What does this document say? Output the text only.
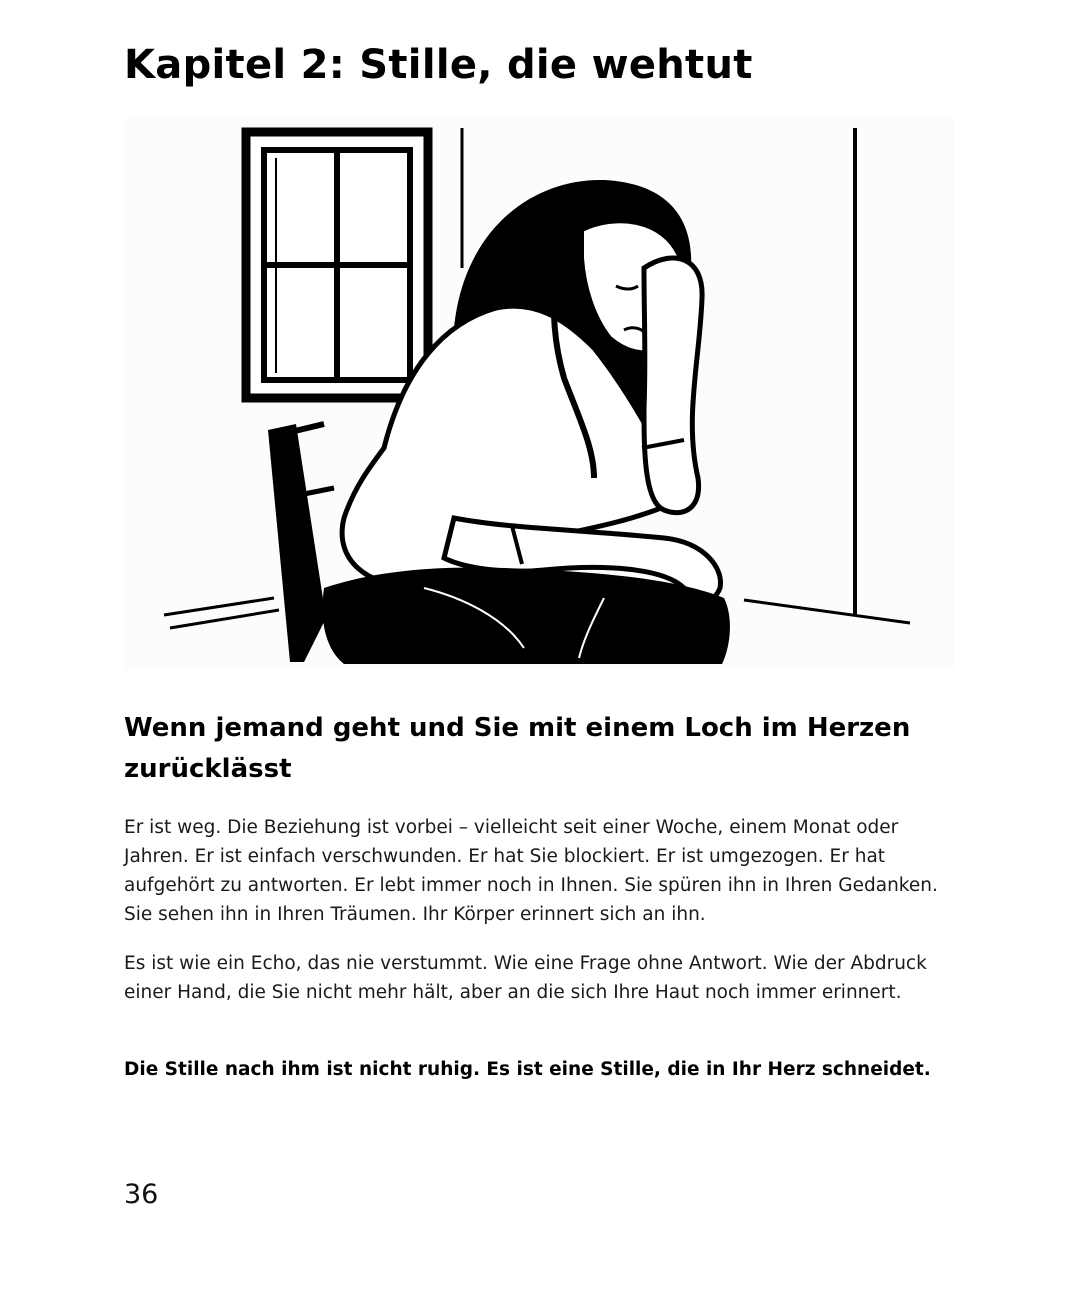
Kapitel 2: Stille, die wehtut
Wenn jemand geht und Sie mit einem Loch im Herzen zurücklässt

Er ist weg. Die Beziehung ist vorbei – vielleicht seit einer Woche, einem Monat oder Jahren. Er ist einfach verschwunden. Er hat Sie blockiert. Er ist umgezogen. Er hat aufgehört zu antworten. Er lebt immer noch in Ihnen. Sie spüren ihn in Ihren Gedanken. Sie sehen ihn in Ihren Träumen. Ihr Körper erinnert sich an ihn.

Es ist wie ein Echo, das nie verstummt. Wie eine Frage ohne Antwort. Wie der Abdruck einer Hand, die Sie nicht mehr hält, aber an die sich Ihre Haut noch immer erinnert.

Die Stille nach ihm ist nicht ruhig. Es ist eine Stille, die in Ihr Herz schneidet.

36
